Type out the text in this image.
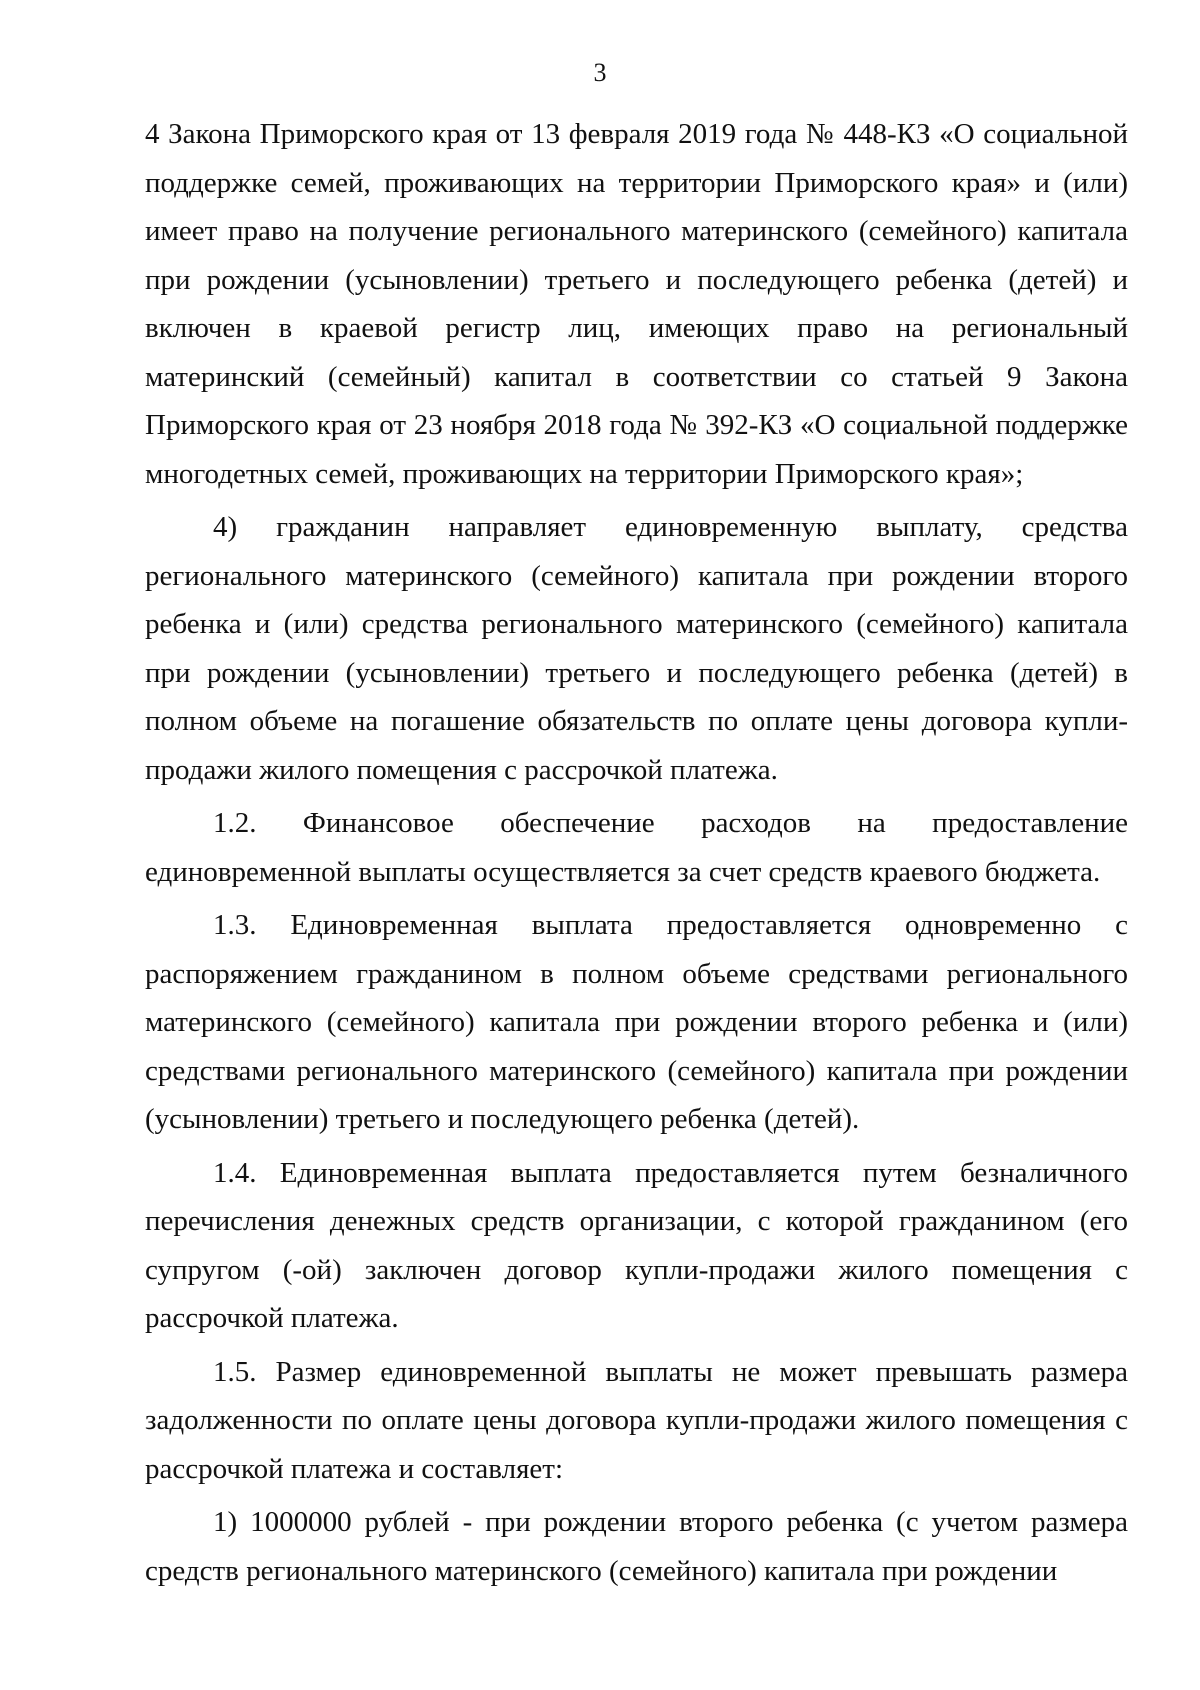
3

4 Закона Приморского края от 13 февраля 2019 года № 448-КЗ «О социальной поддержке семей, проживающих на территории Приморского края» и (или) имеет право на получение регионального материнского (семейного) капитала при рождении (усыновлении) третьего и последующего ребенка (детей) и включен в краевой регистр лиц, имеющих право на региональный материнский (семейный) капитал в соответствии со статьей 9 Закона Приморского края от 23 ноября 2018 года № 392-КЗ «О социальной поддержке многодетных семей, проживающих на территории Приморского края»;

4) гражданин направляет единовременную выплату, средства регионального материнского (семейного) капитала при рождении второго ребенка и (или) средства регионального материнского (семейного) капитала при рождении (усыновлении) третьего и последующего ребенка (детей) в полном объеме на погашение обязательств по оплате цены договора купли-продажи жилого помещения с рассрочкой платежа.

1.2. Финансовое обеспечение расходов на предоставление единовременной выплаты осуществляется за счет средств краевого бюджета.

1.3. Единовременная выплата предоставляется одновременно с распоряжением гражданином в полном объеме средствами регионального материнского (семейного) капитала при рождении второго ребенка и (или) средствами регионального материнского (семейного) капитала при рождении (усыновлении) третьего и последующего ребенка (детей).

1.4. Единовременная выплата предоставляется путем безналичного перечисления денежных средств организации, с которой гражданином (его супругом (-ой) заключен договор купли-продажи жилого помещения с рассрочкой платежа.

1.5. Размер единовременной выплаты не может превышать размера задолженности по оплате цены договора купли-продажи жилого помещения с рассрочкой платежа и составляет:

1) 1000000 рублей - при рождении второго ребенка (с учетом размера средств регионального материнского (семейного) капитала при рождении
